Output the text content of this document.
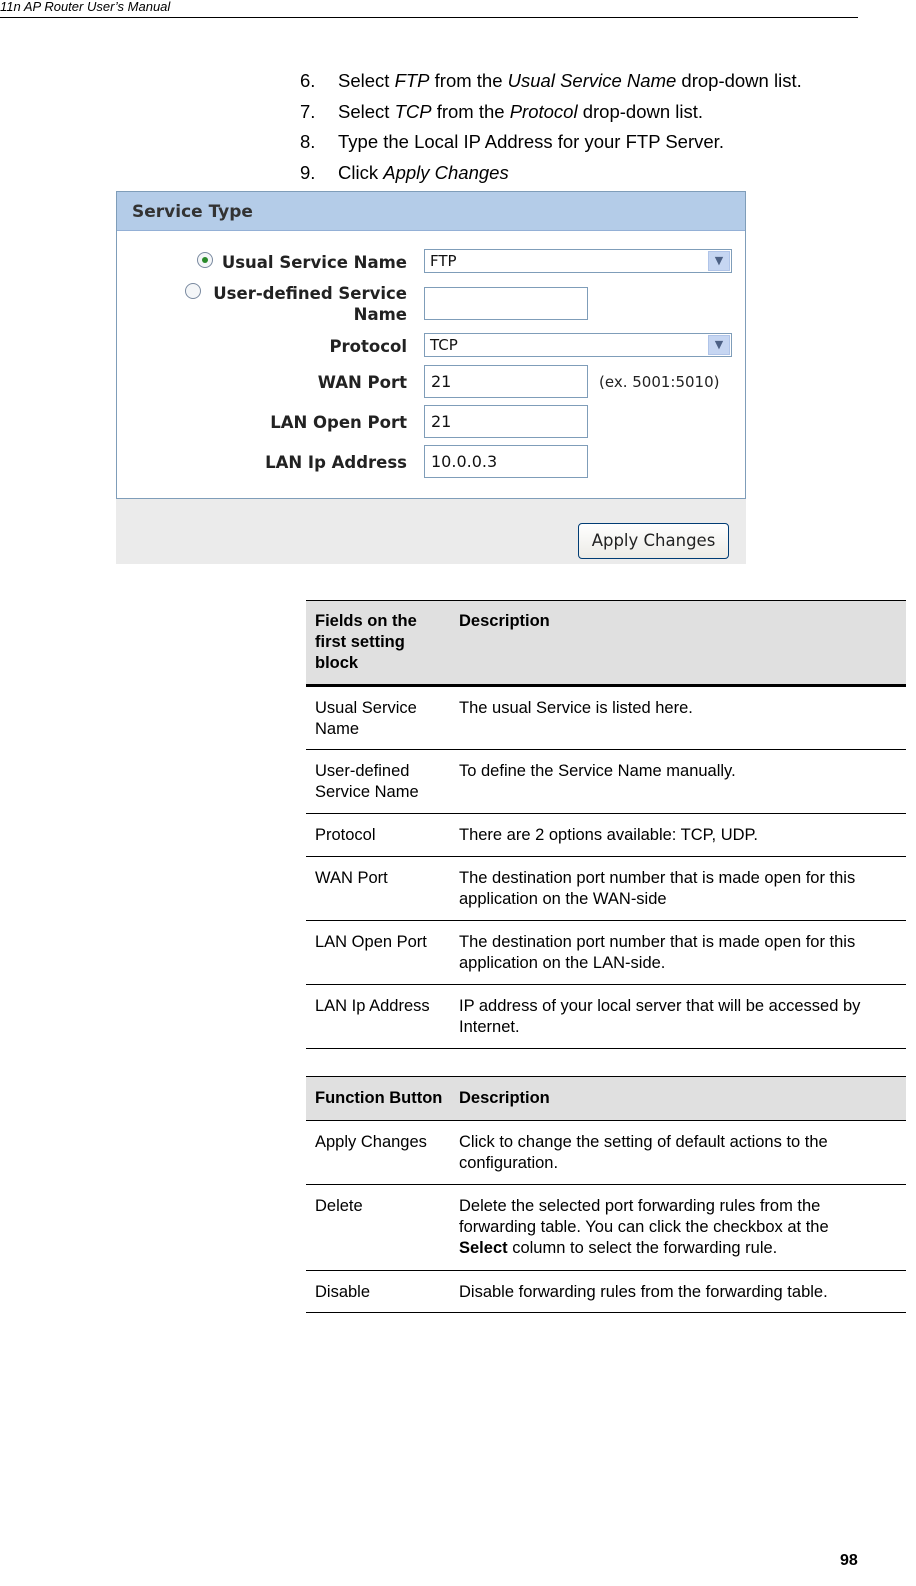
11n AP Router User’s Manual
6.	Select FTP from the Usual Service Name drop-down list.
7.	Select TCP from the Protocol drop-down list.
8.	Type the Local IP Address for your FTP Server.
9.	Click Apply Changes
Service Type
Usual Service Name	FTP	▼
User-defined Service
Name
Protocol	TCP	▼
WAN Port	21	(ex. 5001:5010)
LAN Open Port	21
LAN Ip Address	10.0.0.3
Apply Changes
Fields on the
first setting
block	Description

Usual Service
Name	The usual Service is listed here.

User-defined
Service Name	To define the Service Name manually.

Protocol	There are 2 options available: TCP, UDP.

WAN Port	The destination port number that is made open for this
application on the WAN-side

LAN Open Port	The destination port number that is made open for this
application on the LAN-side.

LAN Ip Address	IP address of your local server that will be accessed by
Internet.
Function Button	Description
Apply Changes	Click to change the setting of default actions to the
configuration.

Delete	Delete the selected port forwarding rules from the
forwarding table. You can click the checkbox at the
Select column to select the forwarding rule.

Disable	Disable forwarding rules from the forwarding table.
98
